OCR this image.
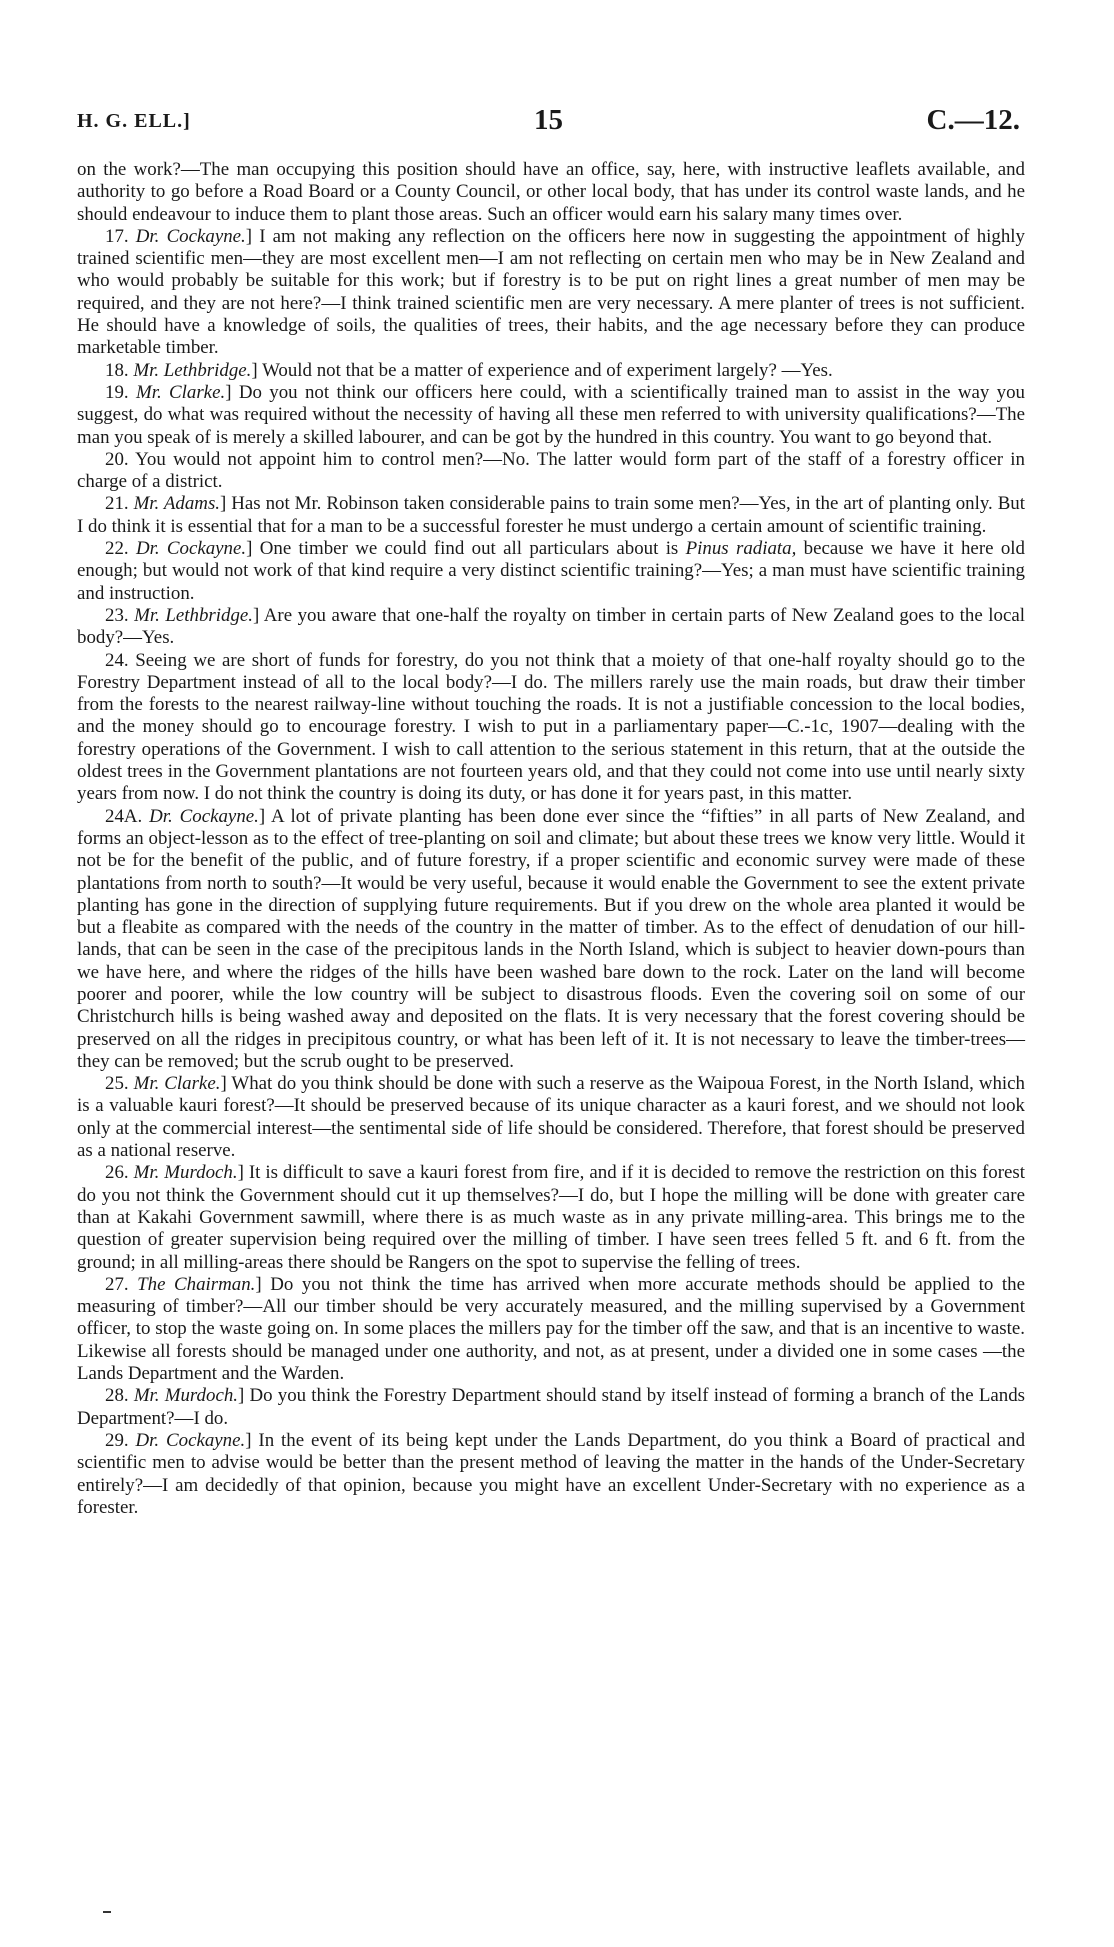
H. G. ELL.]	15	C.—12.

on the work?—The man occupying this position should have an office, say, here, with instructive leaflets available, and authority to go before a Road Board or a County Council, or other local body, that has under its control waste lands, and he should endeavour to induce them to plant those areas. Such an officer would earn his salary many times over.

17. Dr. Cockayne.] I am not making any reflection on the officers here now in suggesting the appointment of highly trained scientific men—they are most excellent men—I am not reflecting on certain men who may be in New Zealand and who would probably be suitable for this work; but if forestry is to be put on right lines a great number of men may be required, and they are not here?—I think trained scientific men are very necessary. A mere planter of trees is not sufficient. He should have a knowledge of soils, the qualities of trees, their habits, and the age necessary before they can produce marketable timber.

18. Mr. Lethbridge.] Would not that be a matter of experience and of experiment largely? —Yes.

19. Mr. Clarke.] Do you not think our officers here could, with a scientifically trained man to assist in the way you suggest, do what was required without the necessity of having all these men referred to with university qualifications?—The man you speak of is merely a skilled labourer, and can be got by the hundred in this country. You want to go beyond that.

20. You would not appoint him to control men?—No. The latter would form part of the staff of a forestry officer in charge of a district.

21. Mr. Adams.] Has not Mr. Robinson taken considerable pains to train some men?—Yes, in the art of planting only. But I do think it is essential that for a man to be a successful forester he must undergo a certain amount of scientific training.

22. Dr. Cockayne.] One timber we could find out all particulars about is Pinus radiata, because we have it here old enough; but would not work of that kind require a very distinct scientific training?—Yes; a man must have scientific training and instruction.

23. Mr. Lethbridge.] Are you aware that one-half the royalty on timber in certain parts of New Zealand goes to the local body?—Yes.

24. Seeing we are short of funds for forestry, do you not think that a moiety of that one-half royalty should go to the Forestry Department instead of all to the local body?—I do. The millers rarely use the main roads, but draw their timber from the forests to the nearest railway-line without touching the roads. It is not a justifiable concession to the local bodies, and the money should go to encourage forestry. I wish to put in a parliamentary paper—C.-1c, 1907—dealing with the forestry operations of the Government. I wish to call attention to the serious statement in this return, that at the outside the oldest trees in the Government plantations are not fourteen years old, and that they could not come into use until nearly sixty years from now. I do not think the country is doing its duty, or has done it for years past, in this matter.

24A. Dr. Cockayne.] A lot of private planting has been done ever since the “fifties” in all parts of New Zealand, and forms an object-lesson as to the effect of tree-planting on soil and climate; but about these trees we know very little. Would it not be for the benefit of the public, and of future forestry, if a proper scientific and economic survey were made of these plantations from north to south?—It would be very useful, because it would enable the Government to see the extent private planting has gone in the direction of supplying future requirements. But if you drew on the whole area planted it would be but a fleabite as compared with the needs of the country in the matter of timber. As to the effect of denudation of our hill-lands, that can be seen in the case of the precipitous lands in the North Island, which is subject to heavier down-pours than we have here, and where the ridges of the hills have been washed bare down to the rock. Later on the land will become poorer and poorer, while the low country will be subject to disastrous floods. Even the covering soil on some of our Christchurch hills is being washed away and deposited on the flats. It is very necessary that the forest covering should be preserved on all the ridges in precipitous country, or what has been left of it. It is not necessary to leave the timber-trees—they can be removed; but the scrub ought to be preserved.

25. Mr. Clarke.] What do you think should be done with such a reserve as the Waipoua Forest, in the North Island, which is a valuable kauri forest?—It should be preserved because of its unique character as a kauri forest, and we should not look only at the commercial interest—the sentimental side of life should be considered. Therefore, that forest should be preserved as a national reserve.

26. Mr. Murdoch.] It is difficult to save a kauri forest from fire, and if it is decided to remove the restriction on this forest do you not think the Government should cut it up themselves?—I do, but I hope the milling will be done with greater care than at Kakahi Government sawmill, where there is as much waste as in any private milling-area. This brings me to the question of greater supervision being required over the milling of timber. I have seen trees felled 5 ft. and 6 ft. from the ground; in all milling-areas there should be Rangers on the spot to supervise the felling of trees.

27. The Chairman.] Do you not think the time has arrived when more accurate methods should be applied to the measuring of timber?—All our timber should be very accurately measured, and the milling supervised by a Government officer, to stop the waste going on. In some places the millers pay for the timber off the saw, and that is an incentive to waste. Likewise all forests should be managed under one authority, and not, as at present, under a divided one in some cases —the Lands Department and the Warden.

28. Mr. Murdoch.] Do you think the Forestry Department should stand by itself instead of forming a branch of the Lands Department?—I do.

29. Dr. Cockayne.] In the event of its being kept under the Lands Department, do you think a Board of practical and scientific men to advise would be better than the present method of leaving the matter in the hands of the Under-Secretary entirely?—I am decidedly of that opinion, because you might have an excellent Under-Secretary with no experience as a forester.
